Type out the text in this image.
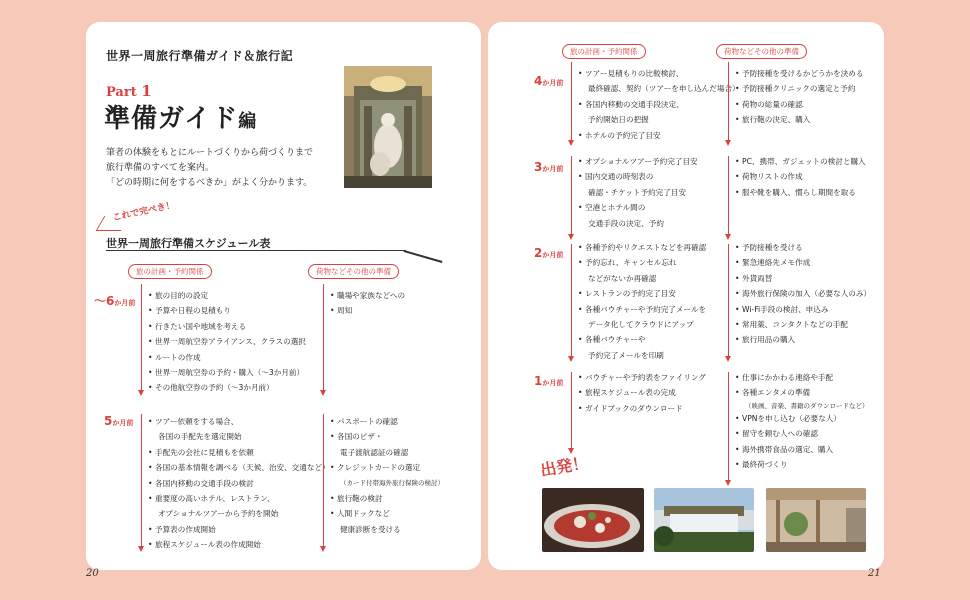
世界一周旅行準備ガイド＆旅行記
Part 1
準備ガイド編
筆者の体験をもとにルートづくりから荷づくりまで
旅行準備のすべてを案内。
「どの時期に何をするべきか」がよく分かります。
これで完ぺき！
世界一周旅行準備スケジュール表
旅の計画・予約関係	荷物などその他の準備
～6か月前
• 旅の目的の設定
• 予算や日程の見積もり
• 行きたい国や地域を考える
• 世界一周航空券アライアンス、クラスの選択
• ルートの作成
• 世界一周航空券の予約・購入（～3か月前）
• その他航空券の予約（～3か月前）
• 職場や家族などへの
• 周知
5か月前
•	ツアー依頼をする場合、
各国の手配先を選定開始
• 手配先の会社に見積もを依頼
• 各国の基本情報を調べる（天候、治安、交通など）
• 各国内移動の交通手段の検討
• 重要度の高いホテル、レストラン、
オプショナルツアーから予約を開始
• 予算表の作成開始
• 旅程スケジュール表の作成開始
• パスポートの確認
• 各国のビザ・
電子渡航認証の確認
• クレジットカードの選定
（カード付帯海外旅行保険の検討）
• 旅行鞄の検討
• 人間ドックなど
健康診断を受ける
20
旅の計画・予約関係	荷物などその他の準備
4か月前
• ツアー見積もりの比較検討、
最終確認、契約（ツアーを申し込んだ場合）
• 各国内移動の交通手段決定、
予約開始日の把握
• ホテルの予約完了目安
• 予防接種を受けるかどうかを決める
• 予防接種クリニックの選定と予約
• 荷物の総量の確認
• 旅行鞄の決定、購入
3か月前
• オプショナルツアー予約完了目安
• 国内交通の時刻表の
確認・チケット予約完了目安
• 空港とホテル間の
交通手段の決定、予約
• PC、携帯、ガジェットの検討と購入
• 荷物リストの作成
• 服や靴を購入、慣らし期間を取る
2か月前
• 各種予約やリクエストなどを再確認
• 予約忘れ、キャンセル忘れ
などがないか再確認
• レストランの予約完了目安
• 各種バウチャーや予約完了メールを
データ化してクラウドにアップ
• 各種バウチャーや
予約完了メールを印刷
• 予防接種を受ける
• 緊急連絡先メモ作成
• 外貨両替
• 海外旅行保険の加入（必要な人のみ）
• Wi-Fi手段の検討、申込み
• 常用薬、コンタクトなどの手配
• 旅行用品の購入
1か月前
• バウチャーや予約表をファイリング
• 旅程スケジュール表の完成
• ガイドブックのダウンロード
• 仕事にかかわる連絡や手配
• 各種エンタメの準備
（映画、音楽、書籍のダウンロードなど）
• VPNを申し込む（必要な人）
• 留守を頼む人への確認
• 海外携帯食品の選定、購入
• 最終荷づくり
出発！
21
